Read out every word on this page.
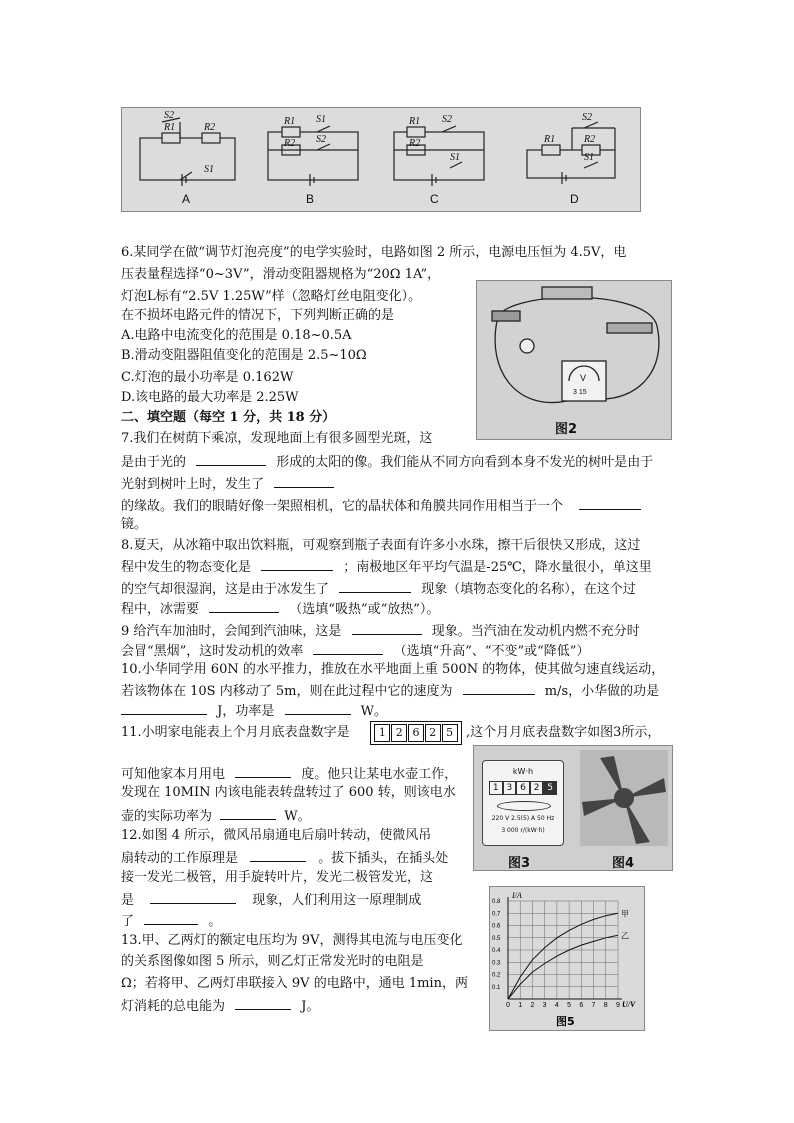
S2
R1	R2
S1
R1 S1
R2 S2
R1 S2
R2
S1
S2
R1	R2
S1
A	B	C	D
6.某同学在做“调节灯泡亮度”的电学实验时，电路如图 2 所示，电源电压恒为 4.5V，电
压表量程选择“0~3V”，滑动变阻器规格为“20Ω 1A”，
灯泡L标有“2.5V 1.25W”样（忽略灯丝电阻变化）。
在不损坏电路元件的情况下，下列判断正确的是
A.电路中电流变化的范围是 0.18~0.5A
B.滑动变阻器阻值变化的范围是 2.5~10Ω
C.灯泡的最小功率是 0.162W
D.该电路的最大功率是 2.25W
V
3 15
图2
二、填空题（每空 1 分，共 18 分）
7.我们在树荫下乘凉，发现地面上有很多圆型光斑，这
是由于光的	形成的太阳的像。我们能从不同方向看到本身不发光的树叶是由于
光射到树叶上时，发生了
的缘故。我们的眼睛好像一架照相机，它的晶状体和角膜共同作用相当于一个
镜。
8.夏天，从冰箱中取出饮料瓶，可观察到瓶子表面有许多小水珠，擦干后很快又形成，这过
程中发生的物态变化是	；南极地区年平均气温是-25℃，降水量很小，单这里
的空气却很湿润，这是由于冰发生了	现象（填物态变化的名称），在这个过
程中，冰需要	（选填“吸热”或“放热”）。
9 给汽车加油时，会闻到汽油味，这是	现象。当汽油在发动机内燃不充分时
会冒“黑烟”，这时发动机的效率	（选填“升高”、“不变”或“降低”）
10.小华同学用 60N 的水平推力，推放在水平地面上重 500N 的物体，使其做匀速直线运动，
若该物体在 10S 内移动了 5m，则在此过程中它的速度为	m/s，小华做的功是
J，功率是	W。
11.小明家电能表上个月月底表盘数字是	1 2 6 2 5 ,这个月月底表盘数字如图3所示，
可知他家本月用电	度。他只让某电水壶工作，
发现在 10MIN 内该电能表转盘转过了 600 转，则该电水
壶的实际功率为	W。
kW·h
1 3 6 2 5
220 V 2.5(5) A 50 Hz
3 000 r/(kW·h)
图3	图4
12.如图 4 所示，微风吊扇通电后扇叶转动，使微风吊
扇转动的工作原理是	。拔下插头，在插头处
接一发光二极管，用手旋转叶片，发光二极管发光，这
是	现象，人们利用这一原理制成
了	。
13.甲、乙两灯的额定电压均为 9V，测得其电流与电压变化
的关系图像如图 5 所示，则乙灯正常发光时的电阻是
Ω；若将甲、乙两灯串联接入 9V 的电路中，通电 1min，两
灯消耗的总电能为	J。	0 1 2 3 4 5 6 7 8 9
0.1
0.2
0.3
0.4
0.5
0.6
0.7
0.8
甲
乙
I/A
U/V
图5
